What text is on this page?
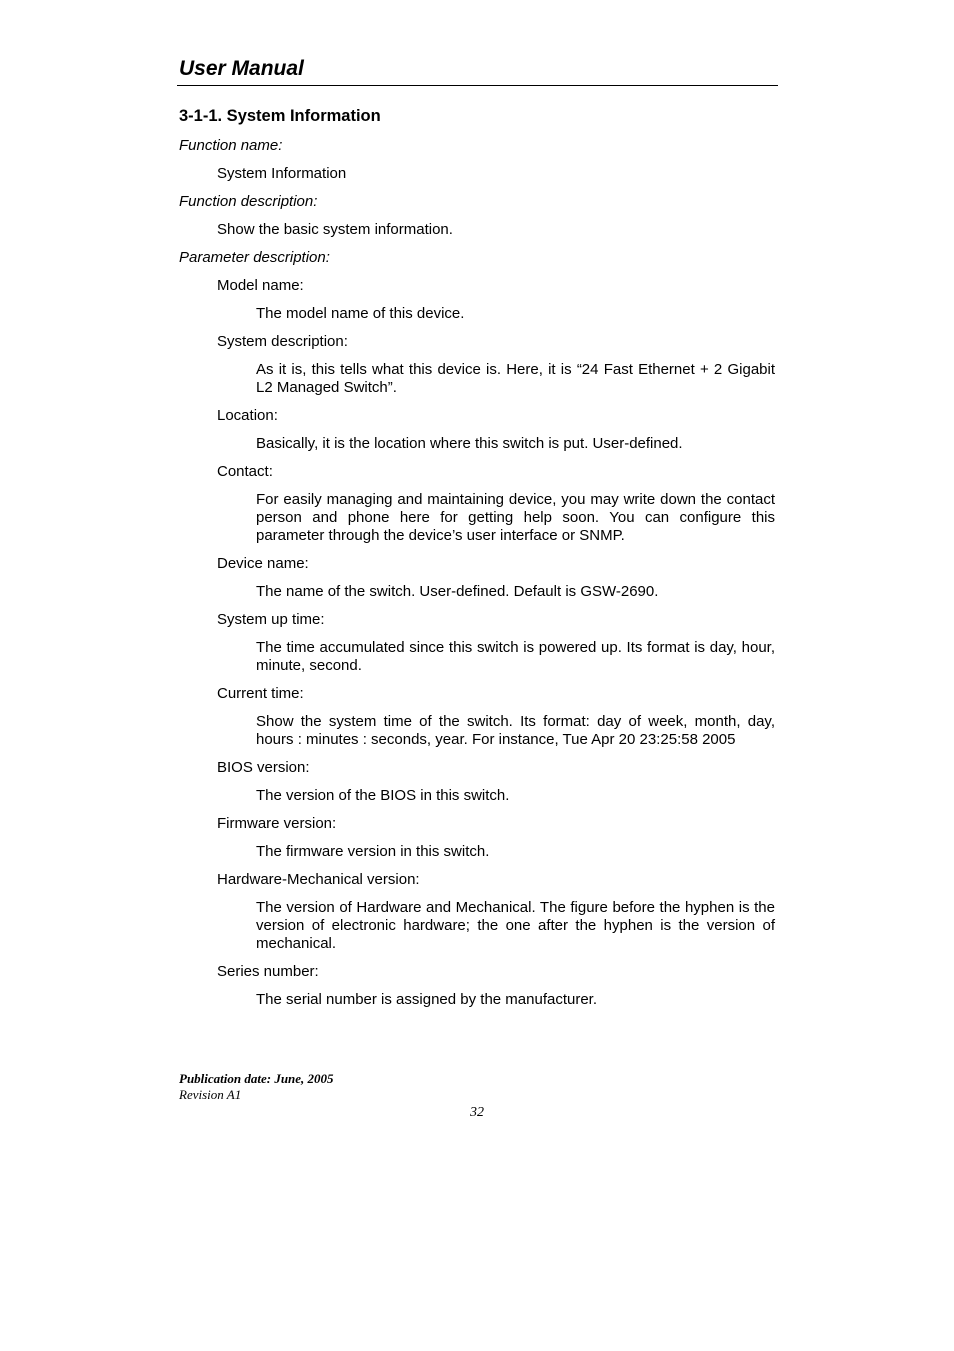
User Manual
3-1-1. System Information
Function name:
System Information
Function description:
Show the basic system information.
Parameter description:
Model name:
The model name of this device.
System description:
As it is, this tells what this device is. Here, it is “24 Fast Ethernet + 2 Gigabit L2 Managed Switch”.
Location:
Basically, it is the location where this switch is put. User-defined.
Contact:
For easily managing and maintaining device, you may write down the contact person and phone here for getting help soon. You can configure this parameter through the device’s user interface or SNMP.
Device name:
The name of the switch. User-defined. Default is GSW-2690.
System up time:
The time accumulated since this switch is powered up. Its format is day, hour, minute, second.
Current time:
Show the system time of the switch. Its format: day of week, month, day, hours : minutes : seconds, year. For instance, Tue Apr 20 23:25:58 2005
BIOS version:
The version of the BIOS in this switch.
Firmware version:
The firmware version in this switch.
Hardware-Mechanical version:
The version of Hardware and Mechanical. The figure before the hyphen is the version of electronic hardware; the one after the hyphen is the version of mechanical.
Series number:
The serial number is assigned by the manufacturer.
Publication date: June, 2005
Revision A1
32
